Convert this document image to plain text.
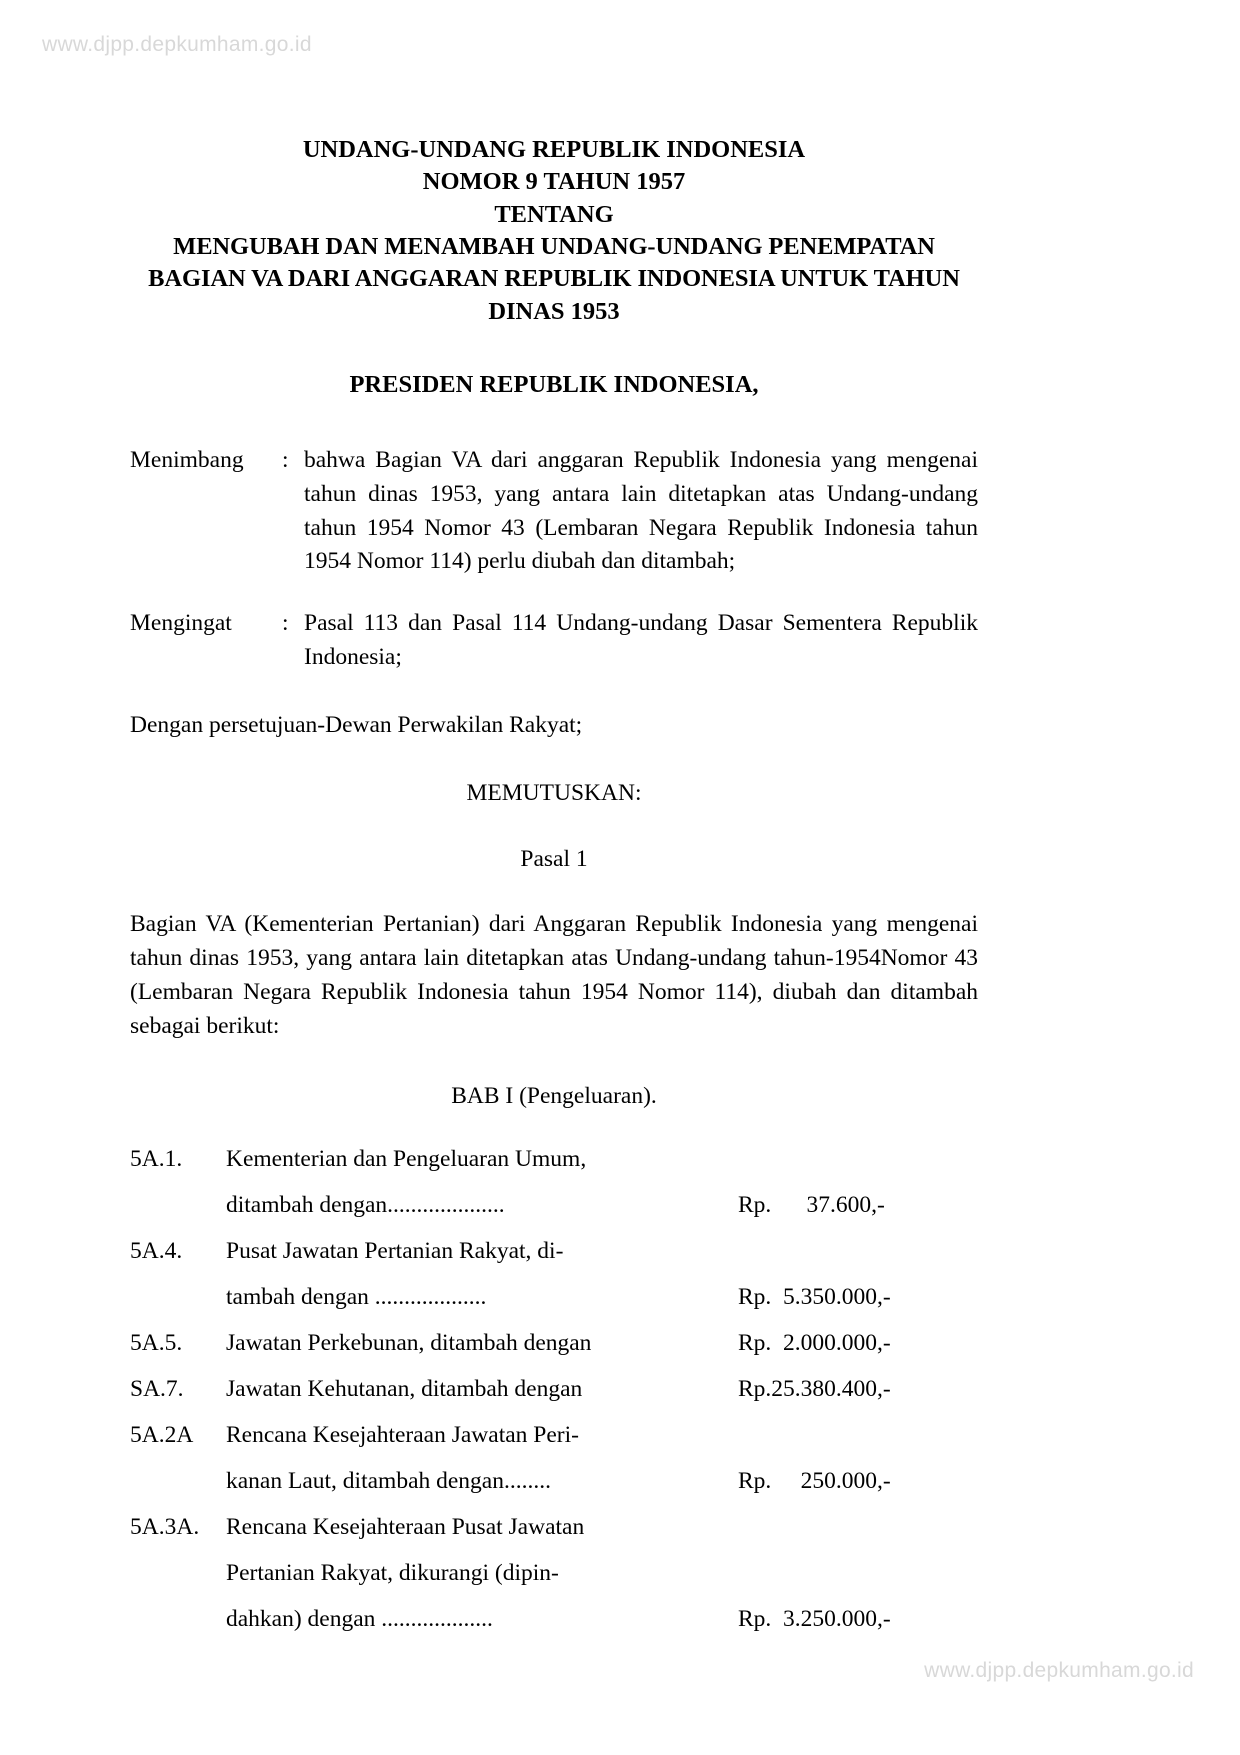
www.djpp.depkumham.go.id
UNDANG-UNDANG REPUBLIK INDONESIA
NOMOR 9 TAHUN 1957
TENTANG
MENGUBAH DAN MENAMBAH UNDANG-UNDANG PENEMPATAN
BAGIAN VA DARI ANGGARAN REPUBLIK INDONESIA UNTUK TAHUN
DINAS 1953
PRESIDEN REPUBLIK INDONESIA,
Menimbang	: bahwa Bagian VA dari anggaran Republik Indonesia yang mengenai tahun dinas 1953, yang antara lain ditetapkan atas Undang-undang tahun 1954 Nomor 43 (Lembaran Negara Republik Indonesia tahun 1954 Nomor 114) perlu diubah dan ditambah;
Mengingat	: Pasal 113 dan Pasal 114 Undang-undang Dasar Sementera Republik Indonesia;
Dengan persetujuan-Dewan Perwakilan Rakyat;
MEMUTUSKAN:
Pasal 1
Bagian VA (Kementerian Pertanian) dari Anggaran Republik Indonesia yang mengenai tahun dinas 1953, yang antara lain ditetapkan atas Undang-undang tahun-1954Nomor 43 (Lembaran Negara Republik Indonesia tahun 1954 Nomor 114), diubah dan ditambah sebagai berikut:
BAB I (Pengeluaran).
5A.1.	Kementerian dan Pengeluaran Umum,
ditambah dengan....................	Rp.      37.600,-
5A.4.	Pusat Jawatan Pertanian Rakyat, di-
tambah dengan ...................	Rp.  5.350.000,-
5A.5.	Jawatan Perkebunan, ditambah dengan	Rp.  2.000.000,-
SA.7.	Jawatan Kehutanan, ditambah dengan	Rp.25.380.400,-
5A.2A	Rencana Kesejahteraan Jawatan Peri-
kanan Laut, ditambah dengan........	Rp.     250.000,-
5A.3A.	Rencana Kesejahteraan Pusat Jawatan
Pertanian Rakyat, dikurangi (dipin-
dahkan) dengan ...................	Rp.  3.250.000,-
www.djpp.depkumham.go.id
